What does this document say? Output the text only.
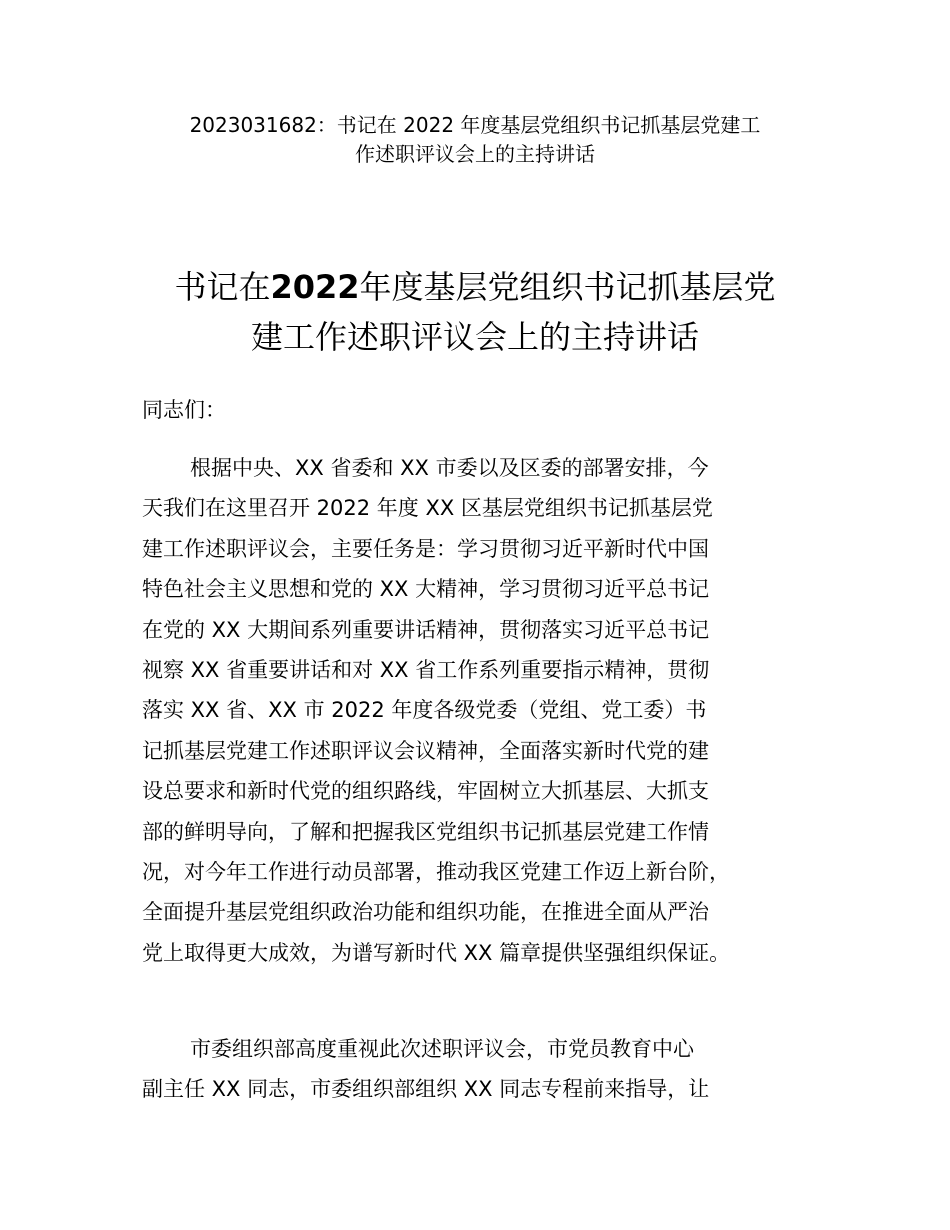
2023031682：书记在 2022 年度基层党组织书记抓基层党建工
作述职评议会上的主持讲话
书记在2022年度基层党组织书记抓基层党
建工作述职评议会上的主持讲话
同志们：
根据中央、XX 省委和 XX 市委以及区委的部署安排，今
天我们在这里召开 2022 年度 XX 区基层党组织书记抓基层党
建工作述职评议会，主要任务是：学习贯彻习近平新时代中国
特色社会主义思想和党的 XX 大精神，学习贯彻习近平总书记
在党的 XX 大期间系列重要讲话精神，贯彻落实习近平总书记
视察 XX 省重要讲话和对 XX 省工作系列重要指示精神，贯彻
落实 XX 省、XX 市 2022 年度各级党委（党组、党工委）书
记抓基层党建工作述职评议会议精神，全面落实新时代党的建
设总要求和新时代党的组织路线，牢固树立大抓基层、大抓支
部的鲜明导向，了解和把握我区党组织书记抓基层党建工作情
况，对今年工作进行动员部署，推动我区党建工作迈上新台阶，
全面提升基层党组织政治功能和组织功能，在推进全面从严治
党上取得更大成效，为谱写新时代 XX 篇章提供坚强组织保证。
市委组织部高度重视此次述职评议会，市党员教育中心
副主任 XX 同志，市委组织部组织 XX 同志专程前来指导，让
